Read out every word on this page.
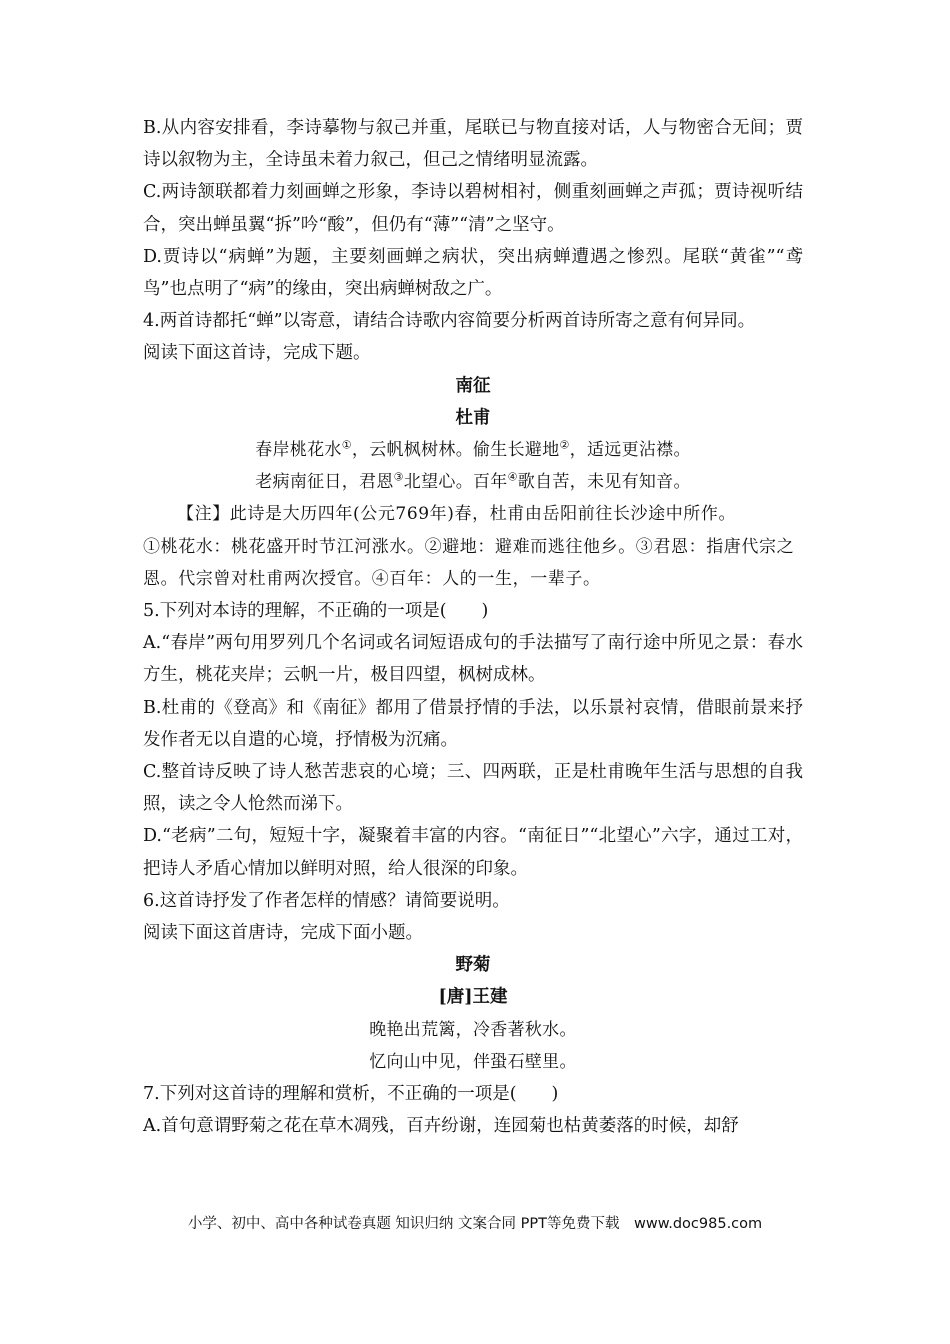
B.从内容安排看，李诗摹物与叙己并重，尾联已与物直接对话，人与物密合无间；贾诗以叙物为主，全诗虽未着力叙己，但己之情绪明显流露。

C.两诗颔联都着力刻画蝉之形象，李诗以碧树相衬，侧重刻画蝉之声孤；贾诗视听结合，突出蝉虽翼“拆”吟“酸”，但仍有“薄”“清”之坚守。

D.贾诗以“病蝉”为题，主要刻画蝉之病状，突出病蝉遭遇之惨烈。尾联“黄雀”“鸢鸟”也点明了“病”的缘由，突出病蝉树敌之广。

4.两首诗都托“蝉”以寄意，请结合诗歌内容简要分析两首诗所寄之意有何异同。

阅读下面这首诗，完成下题。

南征

杜甫

春岸桃花水①，云帆枫树林。偷生长避地②，适远更沾襟。

老病南征日，君恩③北望心。百年④歌自苦，未见有知音。

【注】此诗是大历四年(公元769年)春，杜甫由岳阳前往长沙途中所作。

①桃花水：桃花盛开时节江河涨水。②避地：避难而逃往他乡。③君恩：指唐代宗之恩。代宗曾对杜甫两次授官。④百年：人的一生，一辈子。

5.下列对本诗的理解，不正确的一项是(　　)

A.“春岸”两句用罗列几个名词或名词短语成句的手法描写了南行途中所见之景：春水方生，桃花夹岸；云帆一片，极目四望，枫树成林。

B.杜甫的《登高》和《南征》都用了借景抒情的手法，以乐景衬哀情，借眼前景来抒发作者无以自遣的心境，抒情极为沉痛。

C.整首诗反映了诗人愁苦悲哀的心境；三、四两联，正是杜甫晚年生活与思想的自我照，读之令人怆然而涕下。

D.“老病”二句，短短十字，凝聚着丰富的内容。“南征日”“北望心”六字，通过工对，把诗人矛盾心情加以鲜明对照，给人很深的印象。

6.这首诗抒发了作者怎样的情感？请简要说明。

阅读下面这首唐诗，完成下面小题。

野菊

[唐]王建

晚艳出荒篱，冷香著秋水。

忆向山中见，伴蛩石壁里。

7.下列对这首诗的理解和赏析，不正确的一项是(　　)

A.首句意谓野菊之花在草木凋残，百卉纷谢，连园菊也枯黄萎落的时候，却舒

小学、初中、高中各种试卷真题 知识归纳 文案合同 PPT等免费下载　www.doc985.com
